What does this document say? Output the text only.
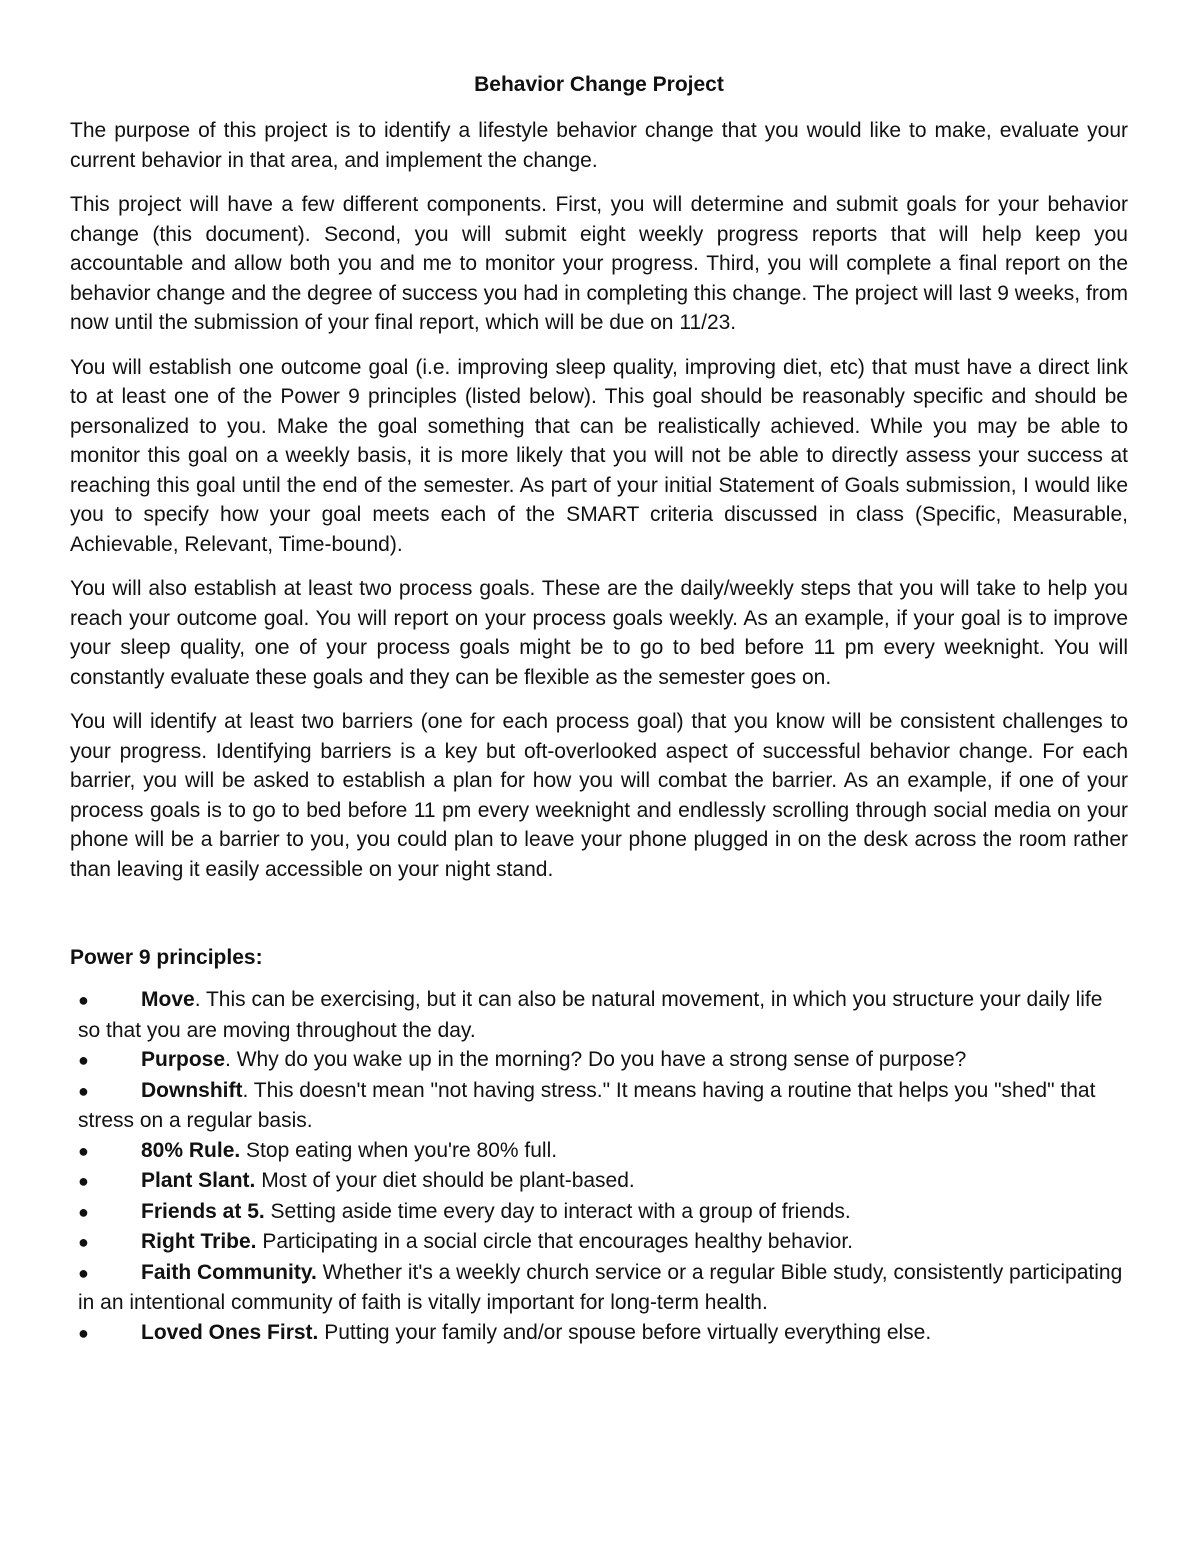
Behavior Change Project

The purpose of this project is to identify a lifestyle behavior change that you would like to make, evaluate your current behavior in that area, and implement the change.

This project will have a few different components. First, you will determine and submit goals for your behavior change (this document). Second, you will submit eight weekly progress reports that will help keep you accountable and allow both you and me to monitor your progress. Third, you will complete a final report on the behavior change and the degree of success you had in completing this change. The project will last 9 weeks, from now until the submission of your final report, which will be due on 11/23.

You will establish one outcome goal (i.e. improving sleep quality, improving diet, etc) that must have a direct link to at least one of the Power 9 principles (listed below). This goal should be reasonably specific and should be personalized to you. Make the goal something that can be realistically achieved. While you may be able to monitor this goal on a weekly basis, it is more likely that you will not be able to directly assess your success at reaching this goal until the end of the semester. As part of your initial Statement of Goals submission, I would like you to specify how your goal meets each of the SMART criteria discussed in class (Specific, Measurable, Achievable, Relevant, Time-bound).

You will also establish at least two process goals. These are the daily/weekly steps that you will take to help you reach your outcome goal. You will report on your process goals weekly. As an example, if your goal is to improve your sleep quality, one of your process goals might be to go to bed before 11 pm every weeknight. You will constantly evaluate these goals and they can be flexible as the semester goes on.

You will identify at least two barriers (one for each process goal) that you know will be consistent challenges to your progress. Identifying barriers is a key but oft-overlooked aspect of successful behavior change. For each barrier, you will be asked to establish a plan for how you will combat the barrier. As an example, if one of your process goals is to go to bed before 11 pm every weeknight and endlessly scrolling through social media on your phone will be a barrier to you, you could plan to leave your phone plugged in on the desk across the room rather than leaving it easily accessible on your night stand.

Power 9 principles:
● Move. This can be exercising, but it can also be natural movement, in which you structure your daily life so that you are moving throughout the day.
● Purpose. Why do you wake up in the morning? Do you have a strong sense of purpose?
● Downshift. This doesn't mean "not having stress." It means having a routine that helps you "shed" that stress on a regular basis.
● 80% Rule. Stop eating when you're 80% full.
● Plant Slant. Most of your diet should be plant-based.
● Friends at 5. Setting aside time every day to interact with a group of friends.
● Right Tribe. Participating in a social circle that encourages healthy behavior.
● Faith Community. Whether it's a weekly church service or a regular Bible study, consistently participating in an intentional community of faith is vitally important for long-term health.
● Loved Ones First. Putting your family and/or spouse before virtually everything else.
